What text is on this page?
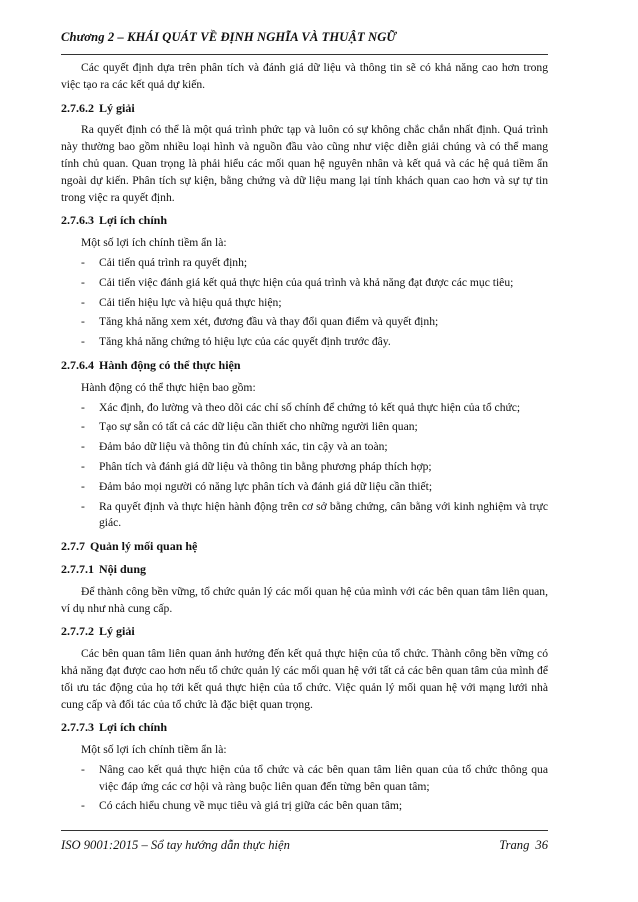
Chương 2 – KHÁI QUÁT VỀ ĐỊNH NGHĨA VÀ THUẬT NGỮ

Các quyết định dựa trên phân tích và đánh giá dữ liệu và thông tin sẽ có khả năng cao hơn trong việc tạo ra các kết quả dự kiến.

2.7.6.2 Lý giải

Ra quyết định có thể là một quá trình phức tạp và luôn có sự không chắc chắn nhất định. Quá trình này thường bao gồm nhiều loại hình và nguồn đầu vào cũng như việc diễn giải chúng và có thể mang tính chủ quan. Quan trọng là phải hiểu các mối quan hệ nguyên nhân và kết quả và các hệ quả tiềm ẩn ngoài dự kiến. Phân tích sự kiện, bằng chứng và dữ liệu mang lại tính khách quan cao hơn và sự tự tin trong việc ra quyết định.

2.7.6.3 Lợi ích chính
Một số lợi ích chính tiềm ẩn là:
- Cải tiến quá trình ra quyết định;
- Cải tiến việc đánh giá kết quả thực hiện của quá trình và khả năng đạt được các mục tiêu;
- Cải tiến hiệu lực và hiệu quả thực hiện;
- Tăng khả năng xem xét, đương đầu và thay đổi quan điểm và quyết định;
- Tăng khả năng chứng tỏ hiệu lực của các quyết định trước đây.
2.7.6.4 Hành động có thể thực hiện
Hành động có thể thực hiện bao gồm:
- Xác định, đo lường và theo dõi các chỉ số chính để chứng tỏ kết quả thực hiện của tổ chức;
- Tạo sự sẵn có tất cả các dữ liệu cần thiết cho những người liên quan;
- Đảm bảo dữ liệu và thông tin đủ chính xác, tin cậy và an toàn;
- Phân tích và đánh giá dữ liệu và thông tin bằng phương pháp thích hợp;
- Đảm bảo mọi người có năng lực phân tích và đánh giá dữ liệu cần thiết;
- Ra quyết định và thực hiện hành động trên cơ sở bằng chứng, cân bằng với kinh nghiệm và trực giác.
2.7.7 Quản lý mối quan hệ
2.7.7.1 Nội dung

Để thành công bền vững, tổ chức quản lý các mối quan hệ của mình với các bên quan tâm liên quan, ví dụ như nhà cung cấp.

2.7.7.2 Lý giải

Các bên quan tâm liên quan ảnh hưởng đến kết quả thực hiện của tổ chức. Thành công bền vững có khả năng đạt được cao hơn nếu tổ chức quản lý các mối quan hệ với tất cả các bên quan tâm của mình để tối ưu tác động của họ tới kết quả thực hiện của tổ chức. Việc quản lý mối quan hệ với mạng lưới nhà cung cấp và đối tác của tổ chức là đặc biệt quan trọng.

2.7.7.3 Lợi ích chính
Một số lợi ích chính tiềm ẩn là:
- Nâng cao kết quả thực hiện của tổ chức và các bên quan tâm liên quan của tổ chức thông qua việc đáp ứng các cơ hội và ràng buộc liên quan đến từng bên quan tâm;
- Có cách hiểu chung về mục tiêu và giá trị giữa các bên quan tâm;
ISO 9001:2015 – Sổ tay hướng dẫn thực hiện	Trang 36
